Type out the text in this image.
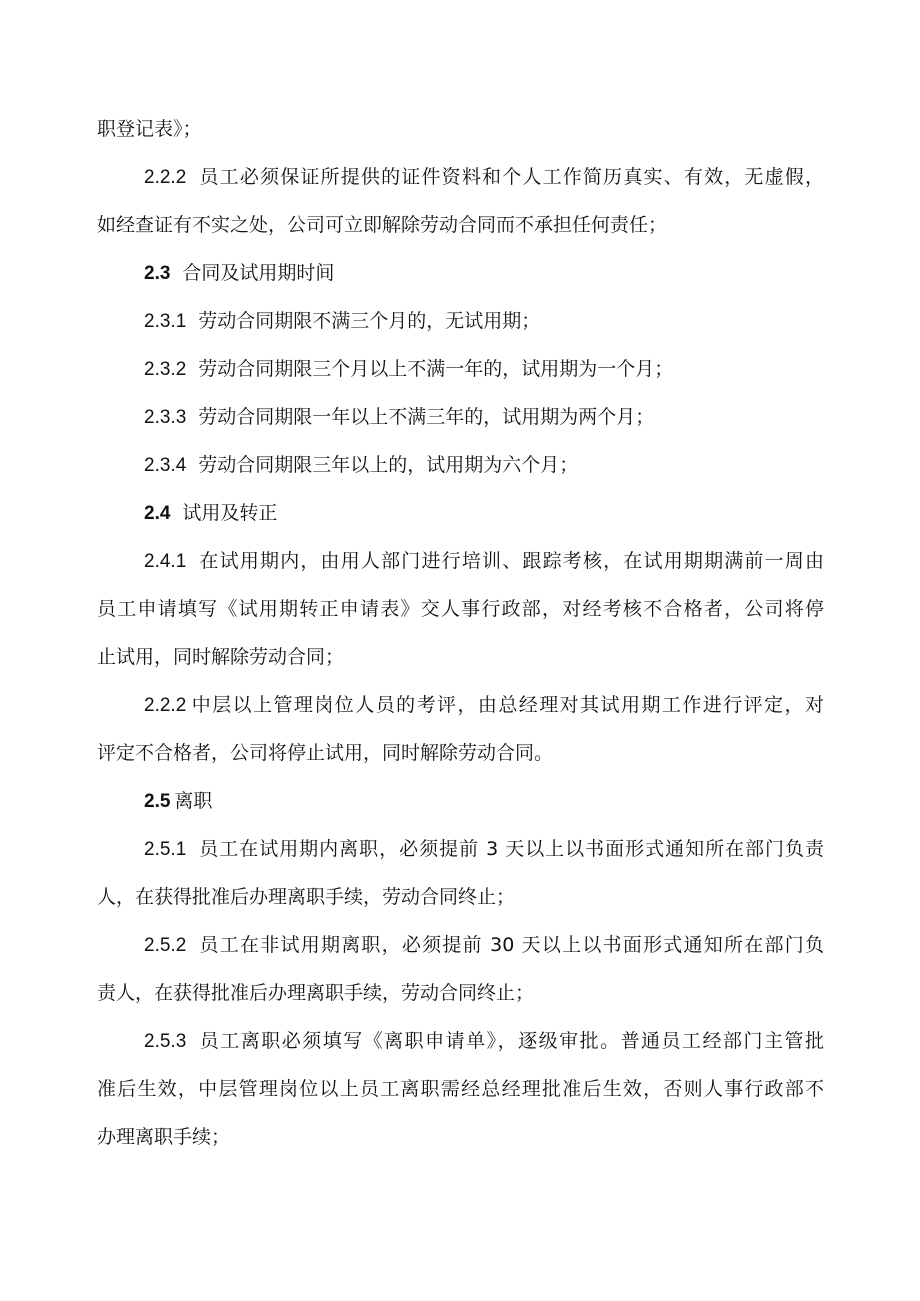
职登记表》；
2.2.2 员工必须保证所提供的证件资料和个人工作简历真实、有效，无虚假，
如经查证有不实之处，公司可立即解除劳动合同而不承担任何责任；
2.3 合同及试用期时间
2.3.1 劳动合同期限不满三个月的，无试用期；
2.3.2 劳动合同期限三个月以上不满一年的，试用期为一个月；
2.3.3 劳动合同期限一年以上不满三年的，试用期为两个月；
2.3.4 劳动合同期限三年以上的，试用期为六个月；
2.4 试用及转正
2.4.1 在试用期内，由用人部门进行培训、跟踪考核，在试用期期满前一周由
员工申请填写《试用期转正申请表》交人事行政部，对经考核不合格者，公司将停
止试用，同时解除劳动合同；
2.2.2 中层以上管理岗位人员的考评，由总经理对其试用期工作进行评定，对
评定不合格者，公司将停止试用，同时解除劳动合同。
2.5 离职
2.5.1 员工在试用期内离职，必须提前 3 天以上以书面形式通知所在部门负责
人，在获得批准后办理离职手续，劳动合同终止；
2.5.2 员工在非试用期离职，必须提前 30 天以上以书面形式通知所在部门负
责人，在获得批准后办理离职手续，劳动合同终止；
2.5.3 员工离职必须填写《离职申请单》，逐级审批。普通员工经部门主管批
准后生效，中层管理岗位以上员工离职需经总经理批准后生效，否则人事行政部不
办理离职手续；
